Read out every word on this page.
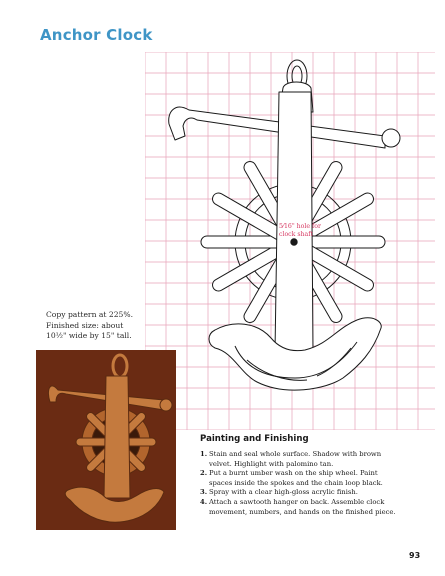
Anchor Clock
5⁄16" hole for
clock shaft
Copy pattern at 225%.
Finished size: about
10½" wide by 15" tall.
Painting and Finishing
1. Stain and seal whole surface. Shadow with brown
velvet. Highlight with palomino tan.
2. Put a burnt umber wash on the ship wheel. Paint
spaces inside the spokes and the chain loop black.
3. Spray with a clear high-gloss acrylic finish.
4. Attach a sawtooth hanger on back. Assemble clock
movement, numbers, and hands on the finished piece.
93
